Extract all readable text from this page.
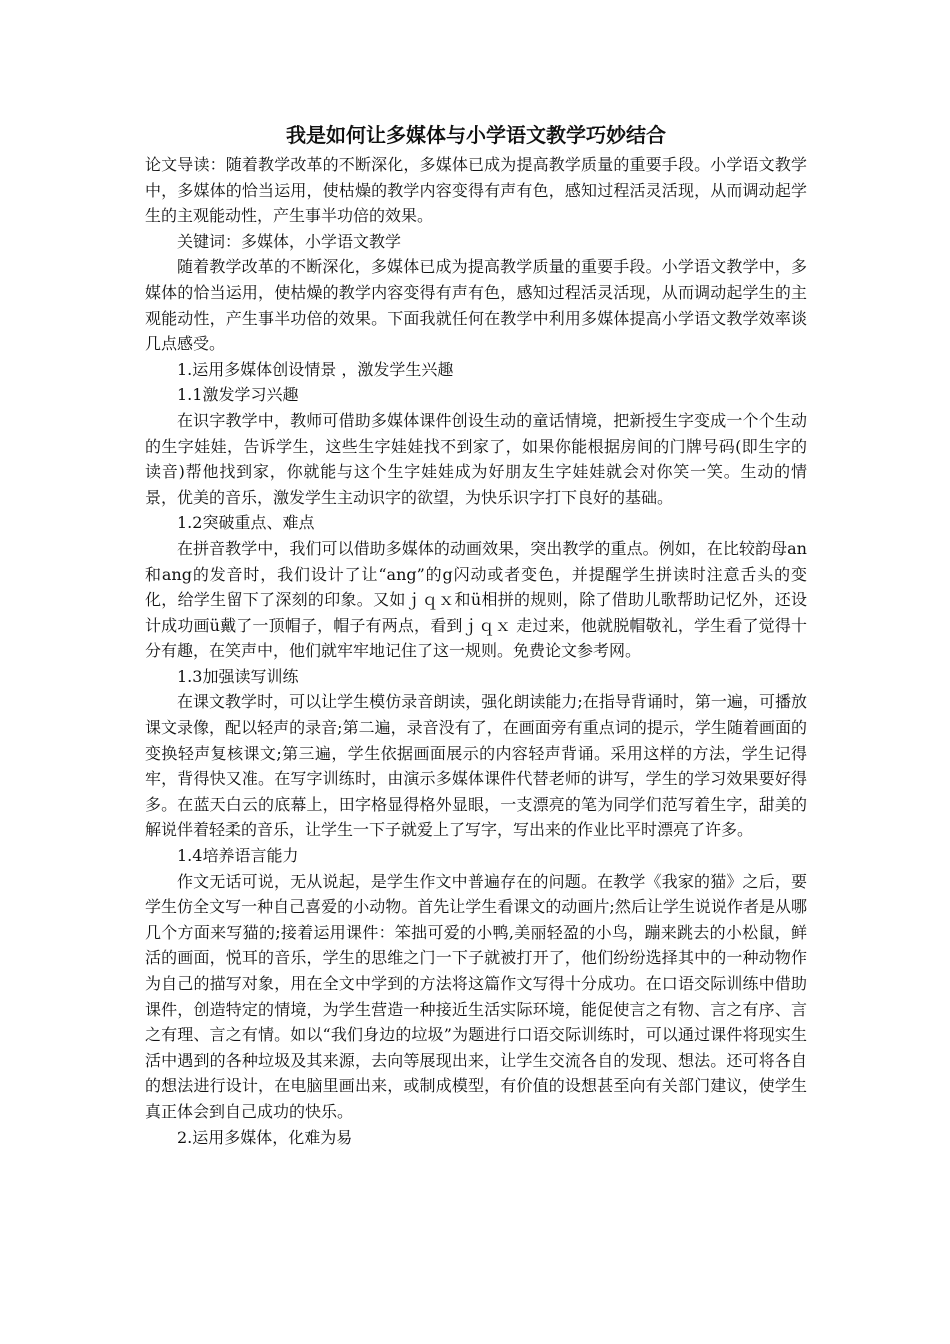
我是如何让多媒体与小学语文教学巧妙结合

论文导读：随着教学改革的不断深化，多媒体已成为提高教学质量的重要手段。小学语文教学中，多媒体的恰当运用，使枯燥的教学内容变得有声有色，感知过程活灵活现，从而调动起学生的主观能动性，产生事半功倍的效果。

关键词：多媒体，小学语文教学

随着教学改革的不断深化，多媒体已成为提高教学质量的重要手段。小学语文教学中，多媒体的恰当运用，使枯燥的教学内容变得有声有色，感知过程活灵活现，从而调动起学生的主观能动性，产生事半功倍的效果。下面我就任何在教学中利用多媒体提高小学语文教学效率谈几点感受。

1.运用多媒体创设情景 ，激发学生兴趣

1.1激发学习兴趣

在识字教学中，教师可借助多媒体课件创设生动的童话情境，把新授生字变成一个个生动的生字娃娃，告诉学生，这些生字娃娃找不到家了，如果你能根据房间的门牌号码(即生字的读音)帮他找到家，你就能与这个生字娃娃成为好朋友生字娃娃就会对你笑一笑。生动的情景，优美的音乐，激发学生主动识字的欲望，为快乐识字打下良好的基础。

1.2突破重点、难点

在拼音教学中，我们可以借助多媒体的动画效果，突出教学的重点。例如，在比较韵母an和ang的发音时，我们设计了让“ang”的g闪动或者变色，并提醒学生拼读时注意舌头的变化，给学生留下了深刻的印象。又如ｊｑｘ和ü相拼的规则，除了借助儿歌帮助记忆外，还设计成功画ü戴了一顶帽子，帽子有两点，看到ｊｑｘ 走过来，他就脱帽敬礼，学生看了觉得十分有趣，在笑声中，他们就牢牢地记住了这一规则。免费论文参考网。

1.3加强读写训练

在课文教学时，可以让学生模仿录音朗读，强化朗读能力;在指导背诵时，第一遍，可播放课文录像，配以轻声的录音;第二遍，录音没有了，在画面旁有重点词的提示，学生随着画面的变换轻声复核课文;第三遍，学生依据画面展示的内容轻声背诵。采用这样的方法，学生记得牢，背得快又准。在写字训练时，由演示多媒体课件代替老师的讲写，学生的学习效果要好得多。在蓝天白云的底幕上，田字格显得格外显眼，一支漂亮的笔为同学们范写着生字，甜美的解说伴着轻柔的音乐，让学生一下子就爱上了写字，写出来的作业比平时漂亮了许多。

1.4培养语言能力

作文无话可说，无从说起，是学生作文中普遍存在的问题。在教学《我家的猫》之后，要学生仿全文写一种自己喜爱的小动物。首先让学生看课文的动画片;然后让学生说说作者是从哪几个方面来写猫的;接着运用课件：笨拙可爱的小鸭,美丽轻盈的小鸟，蹦来跳去的小松鼠，鲜活的画面，悦耳的音乐，学生的思维之门一下子就被打开了，他们纷纷选择其中的一种动物作为自己的描写对象，用在全文中学到的方法将这篇作文写得十分成功。在口语交际训练中借助课件，创造特定的情境，为学生营造一种接近生活实际环境，能促使言之有物、言之有序、言之有理、言之有情。如以“我们身边的垃圾”为题进行口语交际训练时，可以通过课件将现实生活中遇到的各种垃圾及其来源，去向等展现出来，让学生交流各自的发现、想法。还可将各自的想法进行设计，在电脑里画出来，或制成模型，有价值的设想甚至向有关部门建议，使学生真正体会到自己成功的快乐。

2.运用多媒体，化难为易
